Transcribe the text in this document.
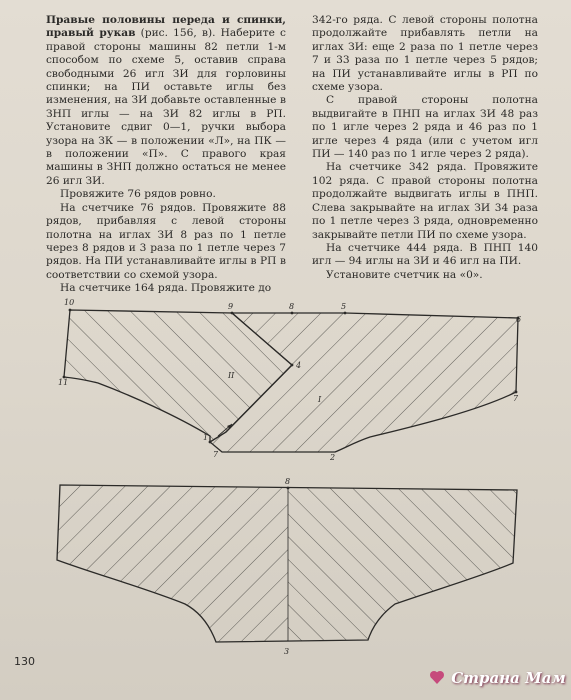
Правые половины переда и спинки, правый рукав (рис. 156, в). Наберите с правой стороны машины 82 петли 1-м способом по схеме 5, оставив справа свободными 26 игл ЗИ для горловины спинки; на ПИ оставьте иглы без изменения, на ЗИ добавьте оставленные в ЗНП иглы — на ЗИ 82 иглы в РП. Установите сдвиг 0—1, ручки выбора узора на ЗК — в положении «Л», на ПК — в положении «П». С правого края машины в ЗНП должно остаться не менее 26 игл ЗИ.

Провяжите 76 рядов ровно.

На счетчике 76 рядов. Провяжите 88 рядов, прибавляя с левой стороны полотна на иглах ЗИ 8 раз по 1 петле через 8 рядов и 3 раза по 1 петле через 7 рядов. На ПИ устанавливайте иглы в РП в соответствии со схемой узора.

На счетчике 164 ряда. Провяжите до

342-го ряда. С левой стороны полотна продолжайте прибавлять петли на иглах ЗИ: еще 2 раза по 1 петле через 7 и 33 раза по 1 петле через 5 рядов; на ПИ устанавливайте иглы в РП по схеме узора.

С правой стороны полотна выдвигайте в ПНП на иглах ЗИ 48 раз по 1 игле через 2 ряда и 46 раз по 1 игле через 4 ряда (или с учетом игл ПИ — 140 раз по 1 игле через 2 ряда).

На счетчике 342 ряда. Провяжите 102 ряда. С правой стороны полотна продолжайте выдвигать иглы в ПНП. Слева закрывайте на иглах ЗИ 34 раза по 1 петле через 3 ряда, одновременно закрывайте петли ПИ по схеме узора.

На счетчике 444 ряда. В ПНП 140 игл — 94 иглы на ЗИ и 46 игл на ПИ.

Установите счетчик на «0».

10	9	8	5
6
4
11
7
1
7	2
II
I
8
3
130
Страна Мам
